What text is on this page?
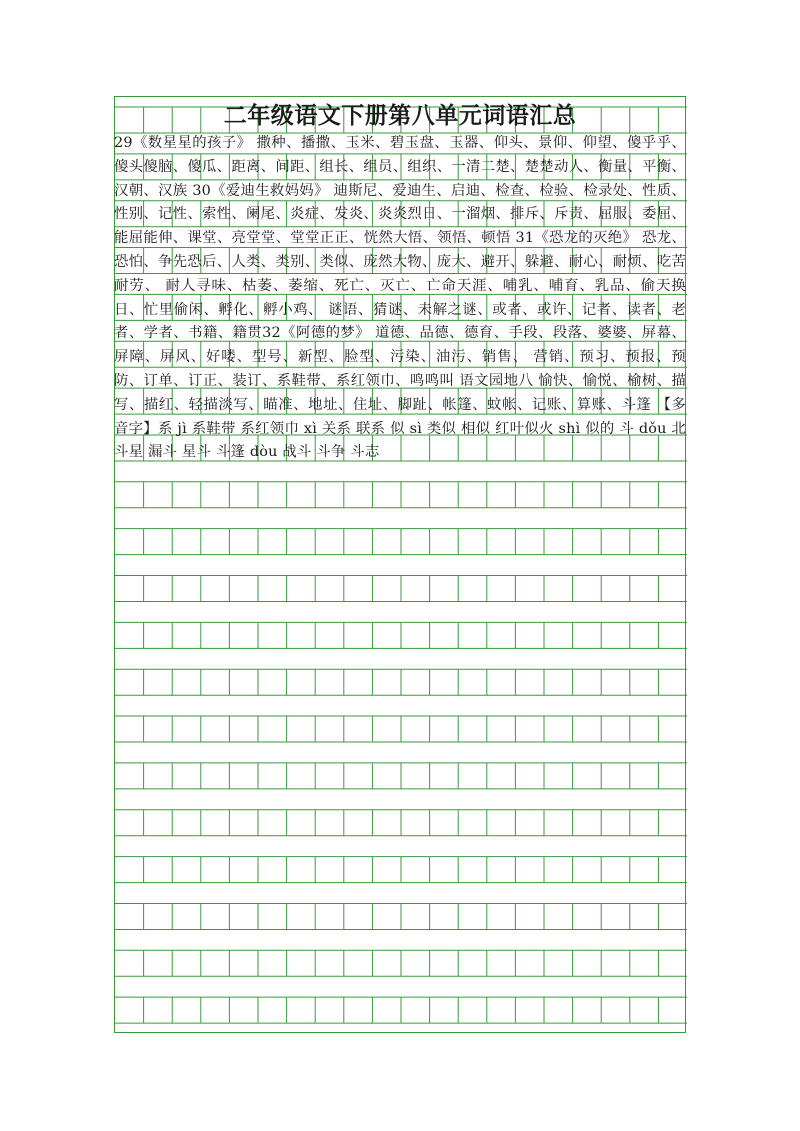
二年级语文下册第八单元词语汇总

29《数星星的孩子》 撒种、播撒、玉米、碧玉盘、玉器、仰头、景仰、仰望、傻乎乎、傻头傻脑、傻瓜、距离、间距、组长、组员、组织、一清二楚、楚楚动人、衡量、平衡、汉朝、汉族 30《爱迪生救妈妈》 迪斯尼、爱迪生、启迪、检查、检验、检录处、性质、性别、记性、索性、阑尾、炎症、发炎、炎炎烈日、一溜烟、排斥、斥责、屈服、委屈、能屈能伸、课堂、亮堂堂、堂堂正正、恍然大悟、领悟、顿悟 31《恐龙的灭绝》 恐龙、恐怕、争先恐后、人类、类别、类似、庞然大物、庞大、避开、躲避、耐心、耐烦、吃苦耐劳、 耐人寻味、枯萎、萎缩、死亡、灭亡、亡命天涯、哺乳、哺育、乳品、偷天换日、忙里偷闲、孵化、孵小鸡、 谜语、猜谜、未解之谜、或者、或许、记者、读者、老者、学者、书籍、籍贯32《阿德的梦》 道德、品德、德育、手段、段落、婆婆、屏幕、屏障、屏风、好喽、型号、新型、脸型、污染、油污、销售、 营销、预习、预报、预防、订单、订正、装订、系鞋带、系红领巾、鸣鸣叫 语文园地八 愉快、愉悦、榆树、描写、描红、轻描淡写、瞄准、地址、住址、脚趾、帐篷、蚊帐、记账、算账、斗篷 【多音字】系 jì 系鞋带 系红领巾 xì 关系 联系 似 sì 类似 相似 红叶似火 shì 似的 斗 dǒu 北斗星 漏斗 星斗 斗篷 dòu 战斗 斗争 斗志
